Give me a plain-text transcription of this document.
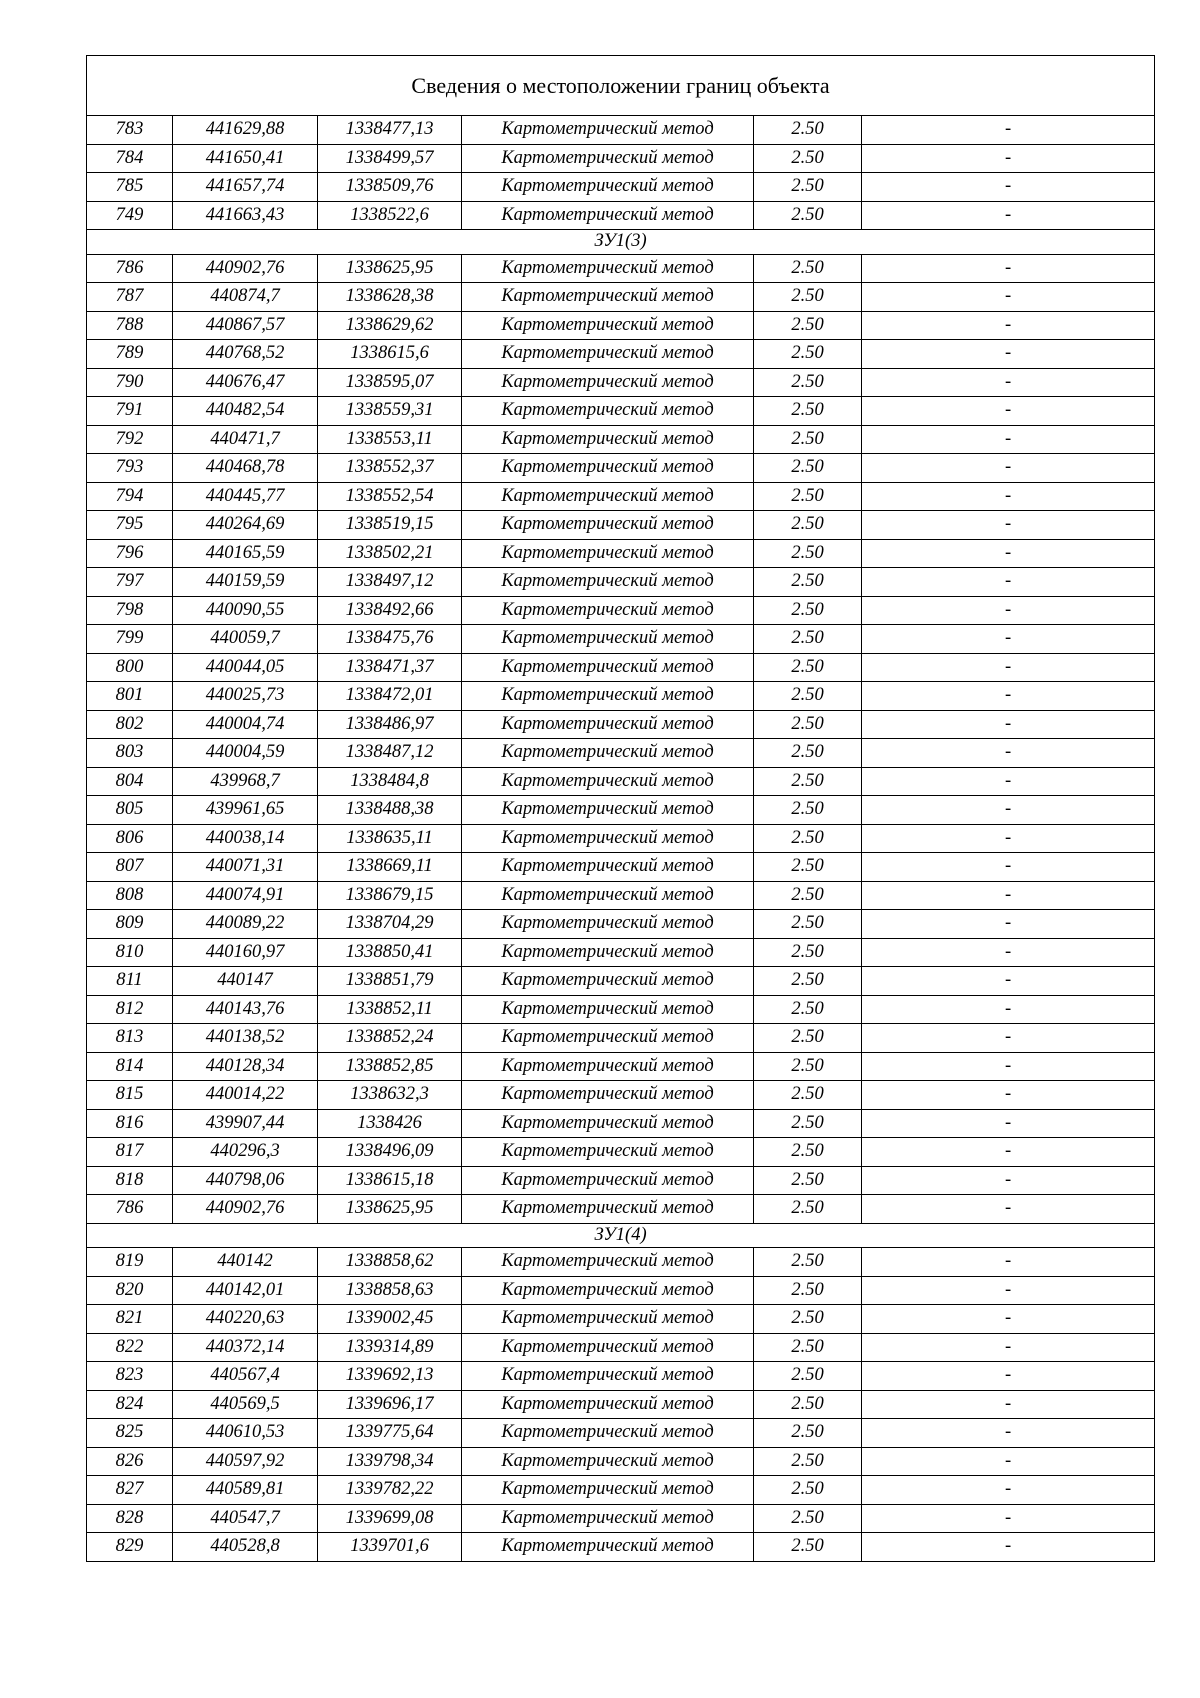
Сведения о местоположении границ объекта					
783	441629,88	1338477,13	Картометрический метод	2.50	-
784	441650,41	1338499,57	Картометрический метод	2.50	-
785	441657,74	1338509,76	Картометрический метод	2.50	-
749	441663,43	1338522,6	Картометрический метод	2.50	-
ЗУ1(3)					
786	440902,76	1338625,95	Картометрический метод	2.50	-
787	440874,7	1338628,38	Картометрический метод	2.50	-
788	440867,57	1338629,62	Картометрический метод	2.50	-
789	440768,52	1338615,6	Картометрический метод	2.50	-
790	440676,47	1338595,07	Картометрический метод	2.50	-
791	440482,54	1338559,31	Картометрический метод	2.50	-
792	440471,7	1338553,11	Картометрический метод	2.50	-
793	440468,78	1338552,37	Картометрический метод	2.50	-
794	440445,77	1338552,54	Картометрический метод	2.50	-
795	440264,69	1338519,15	Картометрический метод	2.50	-
796	440165,59	1338502,21	Картометрический метод	2.50	-
797	440159,59	1338497,12	Картометрический метод	2.50	-
798	440090,55	1338492,66	Картометрический метод	2.50	-
799	440059,7	1338475,76	Картометрический метод	2.50	-
800	440044,05	1338471,37	Картометрический метод	2.50	-
801	440025,73	1338472,01	Картометрический метод	2.50	-
802	440004,74	1338486,97	Картометрический метод	2.50	-
803	440004,59	1338487,12	Картометрический метод	2.50	-
804	439968,7	1338484,8	Картометрический метод	2.50	-
805	439961,65	1338488,38	Картометрический метод	2.50	-
806	440038,14	1338635,11	Картометрический метод	2.50	-
807	440071,31	1338669,11	Картометрический метод	2.50	-
808	440074,91	1338679,15	Картометрический метод	2.50	-
809	440089,22	1338704,29	Картометрический метод	2.50	-
810	440160,97	1338850,41	Картометрический метод	2.50	-
811	440147	1338851,79	Картометрический метод	2.50	-
812	440143,76	1338852,11	Картометрический метод	2.50	-
813	440138,52	1338852,24	Картометрический метод	2.50	-
814	440128,34	1338852,85	Картометрический метод	2.50	-
815	440014,22	1338632,3	Картометрический метод	2.50	-
816	439907,44	1338426	Картометрический метод	2.50	-
817	440296,3	1338496,09	Картометрический метод	2.50	-
818	440798,06	1338615,18	Картометрический метод	2.50	-
786	440902,76	1338625,95	Картометрический метод	2.50	-
ЗУ1(4)					
819	440142	1338858,62	Картометрический метод	2.50	-
820	440142,01	1338858,63	Картометрический метод	2.50	-
821	440220,63	1339002,45	Картометрический метод	2.50	-
822	440372,14	1339314,89	Картометрический метод	2.50	-
823	440567,4	1339692,13	Картометрический метод	2.50	-
824	440569,5	1339696,17	Картометрический метод	2.50	-
825	440610,53	1339775,64	Картометрический метод	2.50	-
826	440597,92	1339798,34	Картометрический метод	2.50	-
827	440589,81	1339782,22	Картометрический метод	2.50	-
828	440547,7	1339699,08	Картометрический метод	2.50	-
829	440528,8	1339701,6	Картометрический метод	2.50	-
